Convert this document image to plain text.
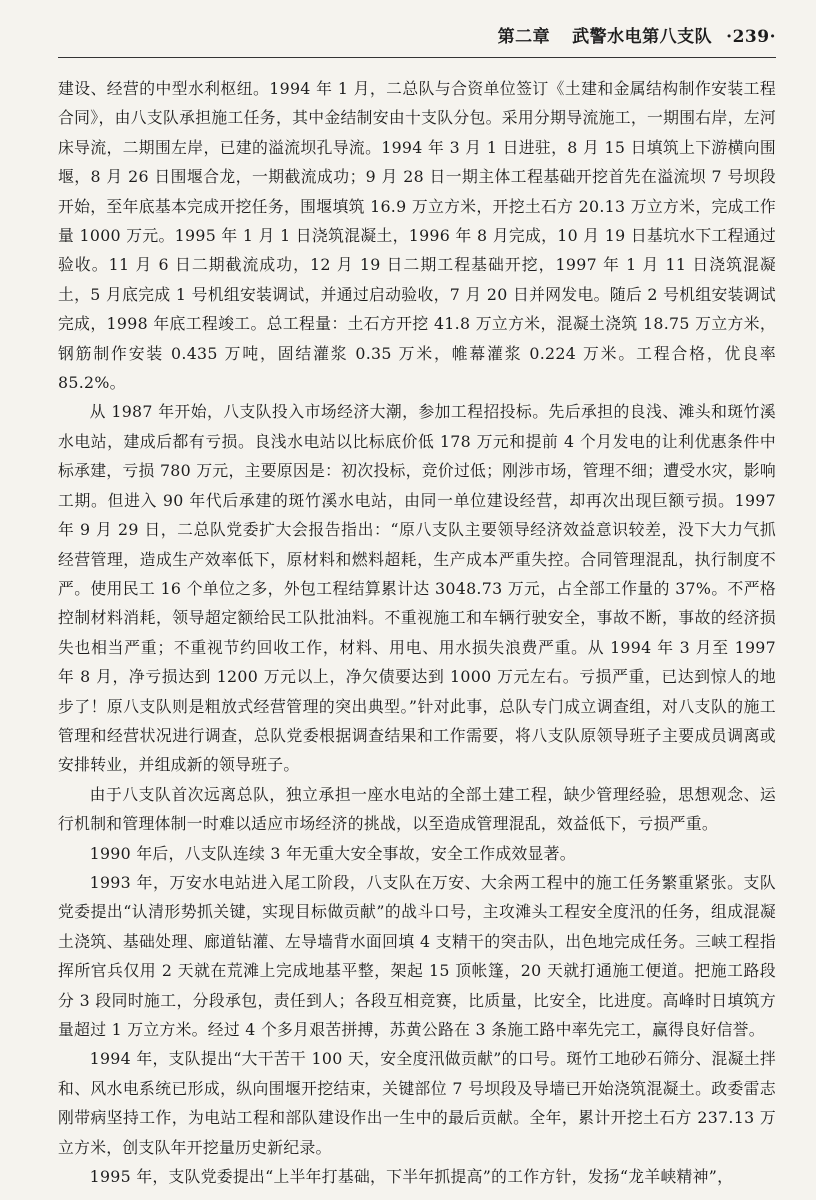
第二章 武警水电第八支队 ·239·

建设、经营的中型水利枢纽。1994 年 1 月，二总队与合资单位签订《土建和金属结构制作安装工程合同》，由八支队承担施工任务，其中金结制安由十支队分包。采用分期导流施工，一期围右岸，左河床导流，二期围左岸，已建的溢流坝孔导流。1994 年 3 月 1 日进驻，8 月 15 日填筑上下游横向围堰，8 月 26 日围堰合龙，一期截流成功；9 月 28 日一期主体工程基础开挖首先在溢流坝 7 号坝段开始，至年底基本完成开挖任务，围堰填筑 16.9 万立方米，开挖土石方 20.13 万立方米，完成工作量 1000 万元。1995 年 1 月 1 日浇筑混凝土，1996 年 8 月完成，10 月 19 日基坑水下工程通过验收。11 月 6 日二期截流成功，12 月 19 日二期工程基础开挖，1997 年 1 月 11 日浇筑混凝土，5 月底完成 1 号机组安装调试，并通过启动验收，7 月 20 日并网发电。随后 2 号机组安装调试完成，1998 年底工程竣工。总工程量：土石方开挖 41.8 万立方米，混凝土浇筑 18.75 万立方米，钢筋制作安装 0.435 万吨，固结灌浆 0.35 万米，帷幕灌浆 0.224 万米。工程合格，优良率 85.2%。

从 1987 年开始，八支队投入市场经济大潮，参加工程招投标。先后承担的良浅、滩头和斑竹溪水电站，建成后都有亏损。良浅水电站以比标底价低 178 万元和提前 4 个月发电的让利优惠条件中标承建，亏损 780 万元，主要原因是：初次投标，竞价过低；刚涉市场，管理不细；遭受水灾，影响工期。但进入 90 年代后承建的斑竹溪水电站，由同一单位建设经营，却再次出现巨额亏损。1997 年 9 月 29 日，二总队党委扩大会报告指出：“原八支队主要领导经济效益意识较差，没下大力气抓经营管理，造成生产效率低下，原材料和燃料超耗，生产成本严重失控。合同管理混乱，执行制度不严。使用民工 16 个单位之多，外包工程结算累计达 3048.73 万元，占全部工作量的 37%。不严格控制材料消耗，领导超定额给民工队批油料。不重视施工和车辆行驶安全，事故不断，事故的经济损失也相当严重；不重视节约回收工作，材料、用电、用水损失浪费严重。从 1994 年 3 月至 1997 年 8 月，净亏损达到 1200 万元以上，净欠债要达到 1000 万元左右。亏损严重，已达到惊人的地步了！原八支队则是粗放式经营管理的突出典型。”针对此事，总队专门成立调查组，对八支队的施工管理和经营状况进行调查，总队党委根据调查结果和工作需要，将八支队原领导班子主要成员调离或安排转业，并组成新的领导班子。

由于八支队首次远离总队，独立承担一座水电站的全部土建工程，缺少管理经验，思想观念、运行机制和管理体制一时难以适应市场经济的挑战，以至造成管理混乱，效益低下，亏损严重。

1990 年后，八支队连续 3 年无重大安全事故，安全工作成效显著。

1993 年，万安水电站进入尾工阶段，八支队在万安、大余两工程中的施工任务繁重紧张。支队党委提出“认清形势抓关键，实现目标做贡献”的战斗口号，主攻滩头工程安全度汛的任务，组成混凝土浇筑、基础处理、廊道钻灌、左导墙背水面回填 4 支精干的突击队，出色地完成任务。三峡工程指挥所官兵仅用 2 天就在荒滩上完成地基平整，架起 15 顶帐篷，20 天就打通施工便道。把施工路段分 3 段同时施工，分段承包，责任到人；各段互相竞赛，比质量，比安全，比进度。高峰时日填筑方量超过 1 万立方米。经过 4 个多月艰苦拼搏，苏黄公路在 3 条施工路中率先完工，赢得良好信誉。

1994 年，支队提出“大干苦干 100 天，安全度汛做贡献”的口号。斑竹工地砂石筛分、混凝土拌和、风水电系统已形成，纵向围堰开挖结束，关键部位 7 号坝段及导墙已开始浇筑混凝土。政委雷志刚带病坚持工作，为电站工程和部队建设作出一生中的最后贡献。全年，累计开挖土石方 237.13 万立方米，创支队年开挖量历史新纪录。

1995 年，支队党委提出“上半年打基础，下半年抓提高”的工作方针，发扬“龙羊峡精神”，
